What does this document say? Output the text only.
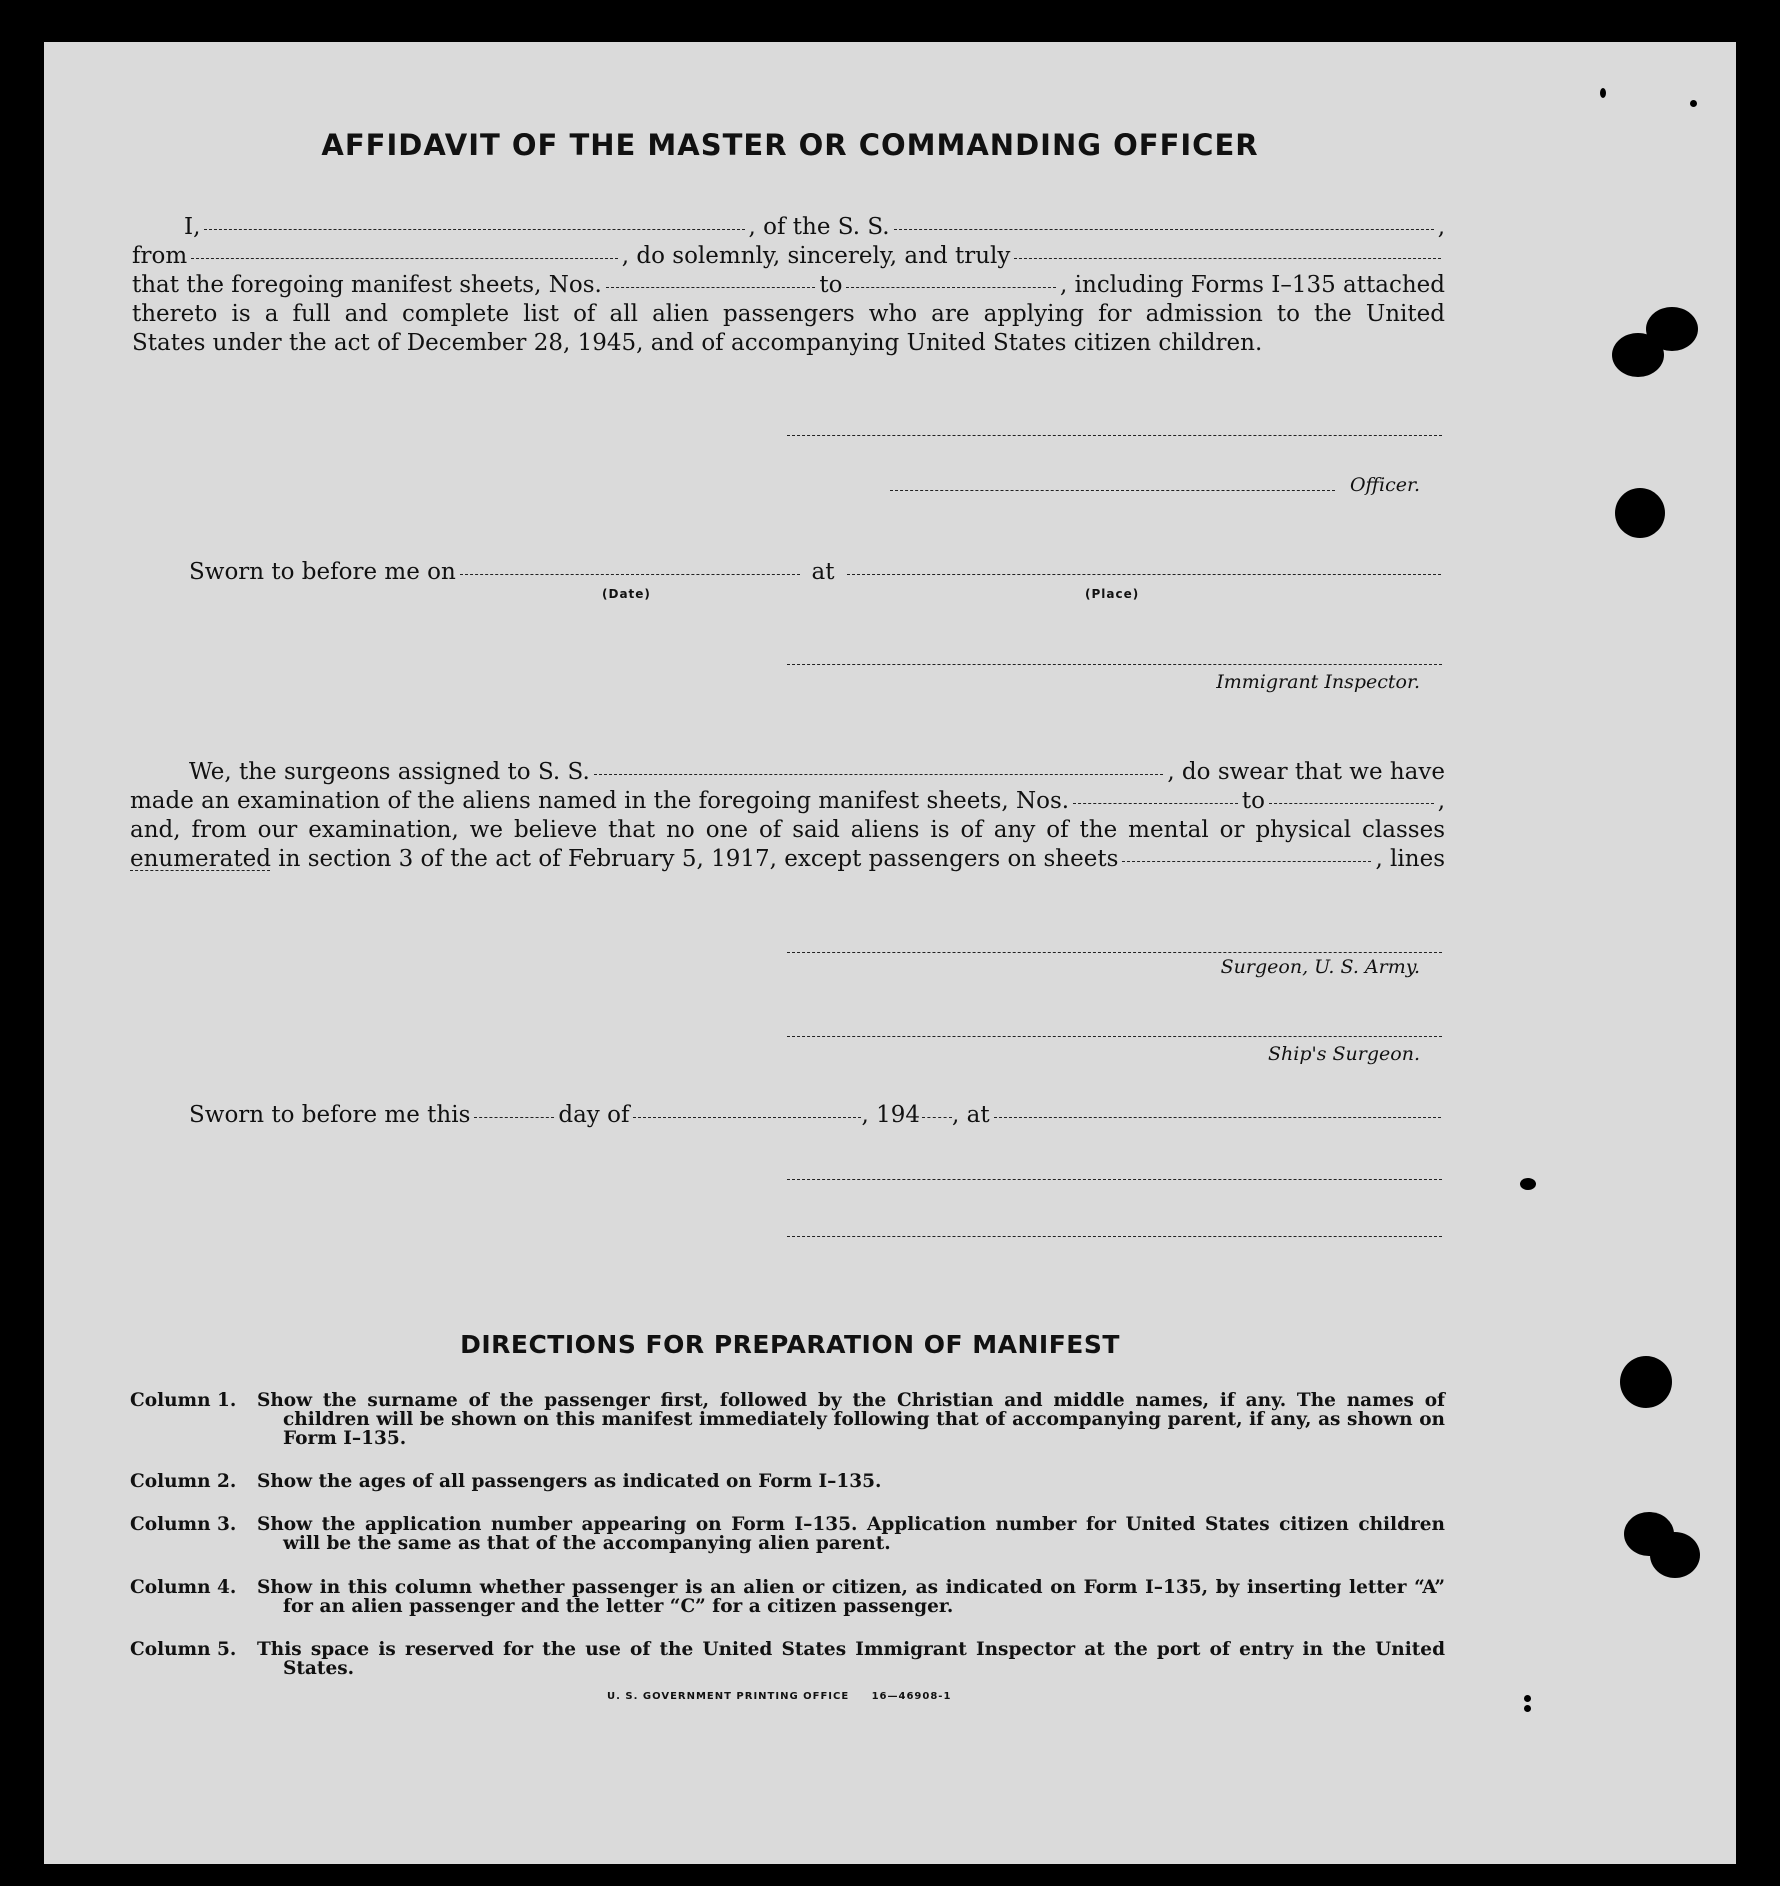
AFFIDAVIT OF THE MASTER OR COMMANDING OFFICER
I,	, of the S. S.	,
from	, do solemnly, sincerely, and truly
that the foregoing manifest sheets, Nos.	to	, including Forms I–135 attached
thereto is a full and complete list of all alien passengers who are applying for admission to the United
States under the act of December 28, 1945, and of accompanying United States citizen children.
Officer.
Sworn to before me on	at
(Date)	(Place)
Immigrant Inspector.
We, the surgeons assigned to S. S.	, do swear that we have
made an examination of the aliens named in the foregoing manifest sheets, Nos.	to	,
and, from our examination, we believe that no one of said aliens is of any of the mental or physical classes
enumerated in section 3 of the act of February 5, 1917, except passengers on sheets	, lines
Surgeon, U. S. Army.
Ship's Surgeon.
Sworn to before me this	day of	, 194 , at
DIRECTIONS FOR PREPARATION OF MANIFEST
Column 1.	Show the surname of the passenger first, followed by the Christian and middle names, if any. The names of
children will be shown on this manifest immediately following that of accompanying parent, if any, as shown on Form I–135.
Column 2.	Show the ages of all passengers as indicated on Form I–135.
Column 3.	Show the application number appearing on Form I–135. Application number for United States citizen children
will be the same as that of the accompanying alien parent.
Column 4.	Show in this column whether passenger is an alien or citizen, as indicated on Form I–135, by inserting letter “A”
for an alien passenger and the letter “C” for a citizen passenger.
Column 5.	This space is reserved for the use of the United States Immigrant Inspector at the port of entry in the United
States.
U. S. GOVERNMENT PRINTING OFFICE     16—46908-1
